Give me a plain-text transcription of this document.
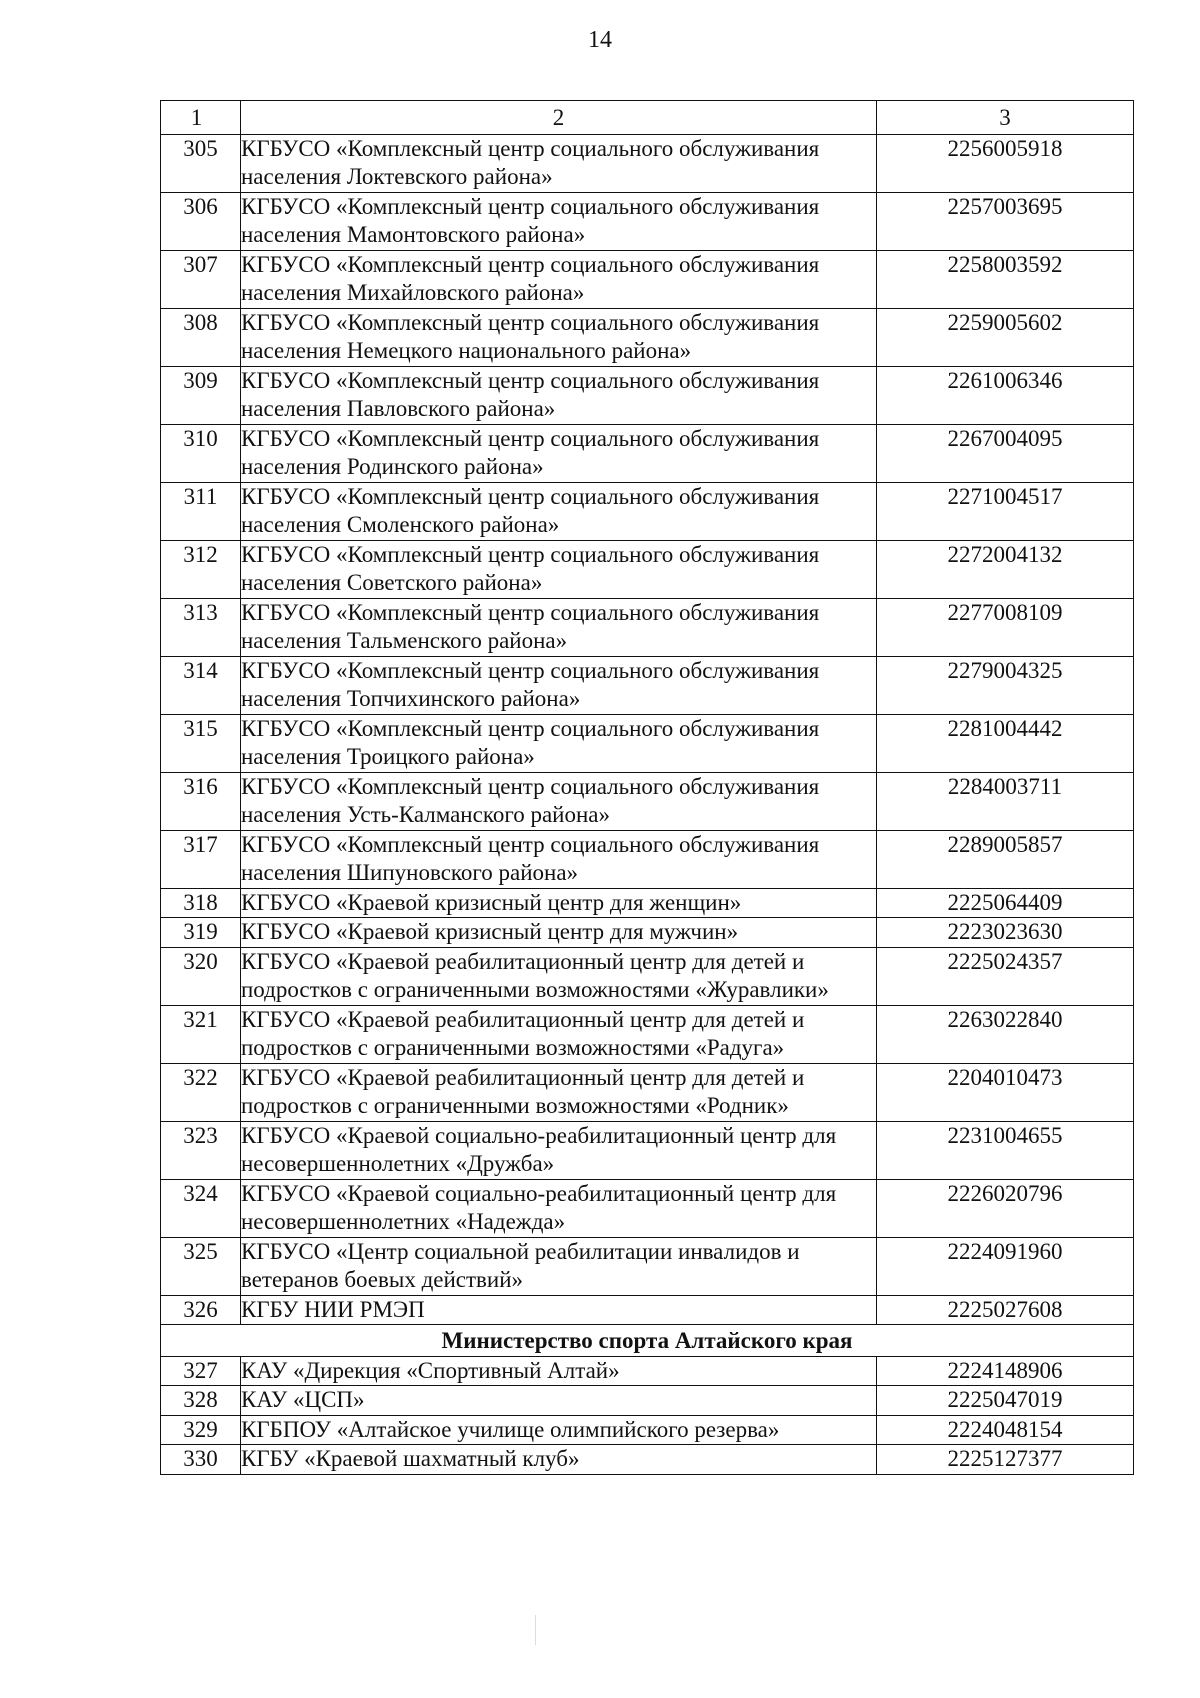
14
1	2	3
305	КГБУСО «Комплексный центр социального обслуживания населения Локтевского района»	2256005918
306	КГБУСО «Комплексный центр социального обслуживания населения Мамонтовского района»	2257003695
307	КГБУСО «Комплексный центр социального обслуживания населения Михайловского района»	2258003592
308	КГБУСО «Комплексный центр социального обслуживания населения Немецкого национального района»	2259005602
309	КГБУСО «Комплексный центр социального обслуживания населения Павловского района»	2261006346
310	КГБУСО «Комплексный центр социального обслуживания населения Родинского района»	2267004095
311	КГБУСО «Комплексный центр социального обслуживания населения Смоленского района»	2271004517
312	КГБУСО «Комплексный центр социального обслуживания населения Советского района»	2272004132
313	КГБУСО «Комплексный центр социального обслуживания населения Тальменского района»	2277008109
314	КГБУСО «Комплексный центр социального обслуживания населения Топчихинского района»	2279004325
315	КГБУСО «Комплексный центр социального обслуживания населения Троицкого района»	2281004442
316	КГБУСО «Комплексный центр социального обслуживания населения Усть-Калманского района»	2284003711
317	КГБУСО «Комплексный центр социального обслуживания населения Шипуновского района»	2289005857
318	КГБУСО «Краевой кризисный центр для женщин»	2225064409
319	КГБУСО «Краевой кризисный центр для мужчин»	2223023630
320	КГБУСО «Краевой реабилитационный центр для детей и подростков с ограниченными возможностями «Журавлики»	2225024357
321	КГБУСО «Краевой реабилитационный центр для детей и подростков с ограниченными возможностями «Радуга»	2263022840
322	КГБУСО «Краевой реабилитационный центр для детей и подростков с ограниченными возможностями «Родник»	2204010473
323	КГБУСО «Краевой социально-реабилитационный центр для несовершеннолетних «Дружба»	2231004655
324	КГБУСО «Краевой социально-реабилитационный центр для несовершеннолетних «Надежда»	2226020796
325	КГБУСО «Центр социальной реабилитации инвалидов и ветеранов боевых действий»	2224091960
326	КГБУ НИИ РМЭП	2225027608
Министерство спорта Алтайского края		
327	КАУ «Дирекция «Спортивный Алтай»	2224148906
328	КАУ «ЦСП»	2225047019
329	КГБПОУ «Алтайское училище олимпийского резерва»	2224048154
330	КГБУ «Краевой шахматный клуб»	2225127377
